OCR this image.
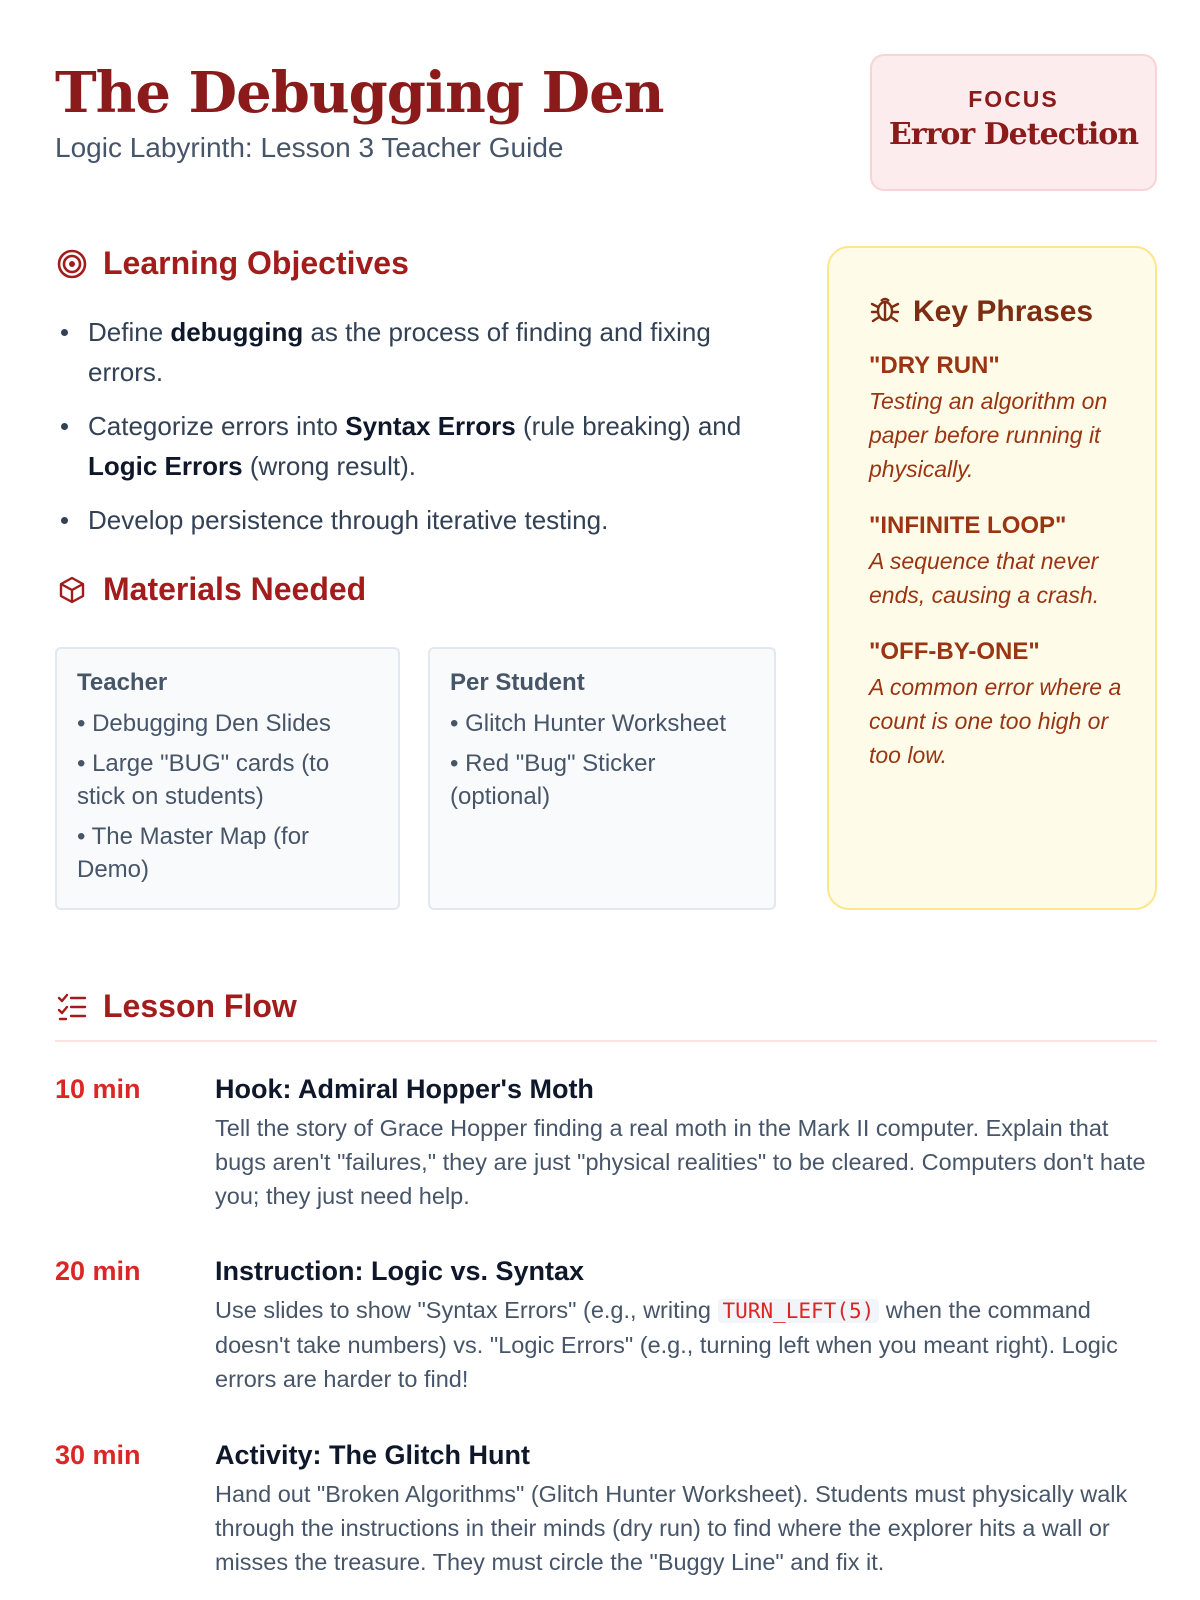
The Debugging Den
Logic Labyrinth: Lesson 3 Teacher Guide
FOCUS
Error Detection
Learning Objectives
Define debugging as the process of finding and fixing errors.
Categorize errors into Syntax Errors (rule breaking) and Logic Errors (wrong result).
Develop persistence through iterative testing.
Materials Needed
Teacher
• Debugging Den Slides
• Large "BUG" cards (to stick on students)
• The Master Map (for Demo)
Per Student
• Glitch Hunter Worksheet
• Red "Bug" Sticker (optional)
Key Phrases
"DRY RUN"
Testing an algorithm on paper before running it physically.
"INFINITE LOOP"
A sequence that never ends, causing a crash.
"OFF-BY-ONE"
A common error where a count is one too high or too low.
Lesson Flow
10 min	Hook: Admiral Hopper's Moth
Tell the story of Grace Hopper finding a real moth in the Mark II computer. Explain that bugs aren't "failures," they are just "physical realities" to be cleared. Computers don't hate you; they just need help.
20 min	Instruction: Logic vs. Syntax
Use slides to show "Syntax Errors" (e.g., writing TURN_LEFT(5) when the command doesn't take numbers) vs. "Logic Errors" (e.g., turning left when you meant right). Logic errors are harder to find!
30 min	Activity: The Glitch Hunt
Hand out "Broken Algorithms" (Glitch Hunter Worksheet). Students must physically walk through the instructions in their minds (dry run) to find where the explorer hits a wall or misses the treasure. They must circle the "Buggy Line" and fix it.
